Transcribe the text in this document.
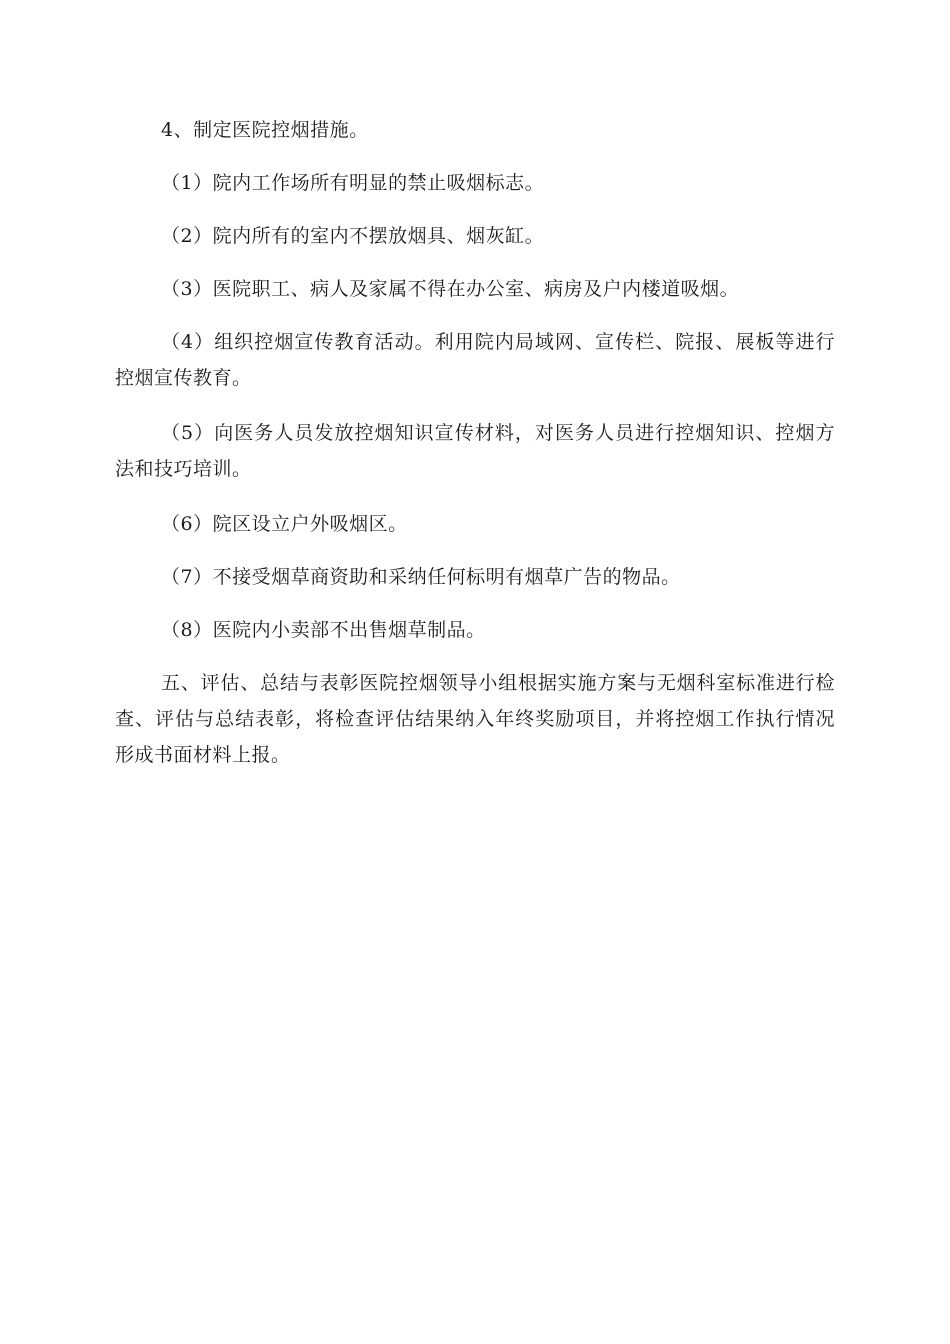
4、制定医院控烟措施。

（1）院内工作场所有明显的禁止吸烟标志。

（2）院内所有的室内不摆放烟具、烟灰缸。

（3）医院职工、病人及家属不得在办公室、病房及户内楼道吸烟。

（4）组织控烟宣传教育活动。利用院内局域网、宣传栏、院报、展板等进行控烟宣传教育。

（5）向医务人员发放控烟知识宣传材料，对医务人员进行控烟知识、控烟方法和技巧培训。

（6）院区设立户外吸烟区。

（7）不接受烟草商资助和采纳任何标明有烟草广告的物品。

（8）医院内小卖部不出售烟草制品。

五、评估、总结与表彰医院控烟领导小组根据实施方案与无烟科室标准进行检查、评估与总结表彰，将检查评估结果纳入年终奖励项目，并将控烟工作执行情况形成书面材料上报。
